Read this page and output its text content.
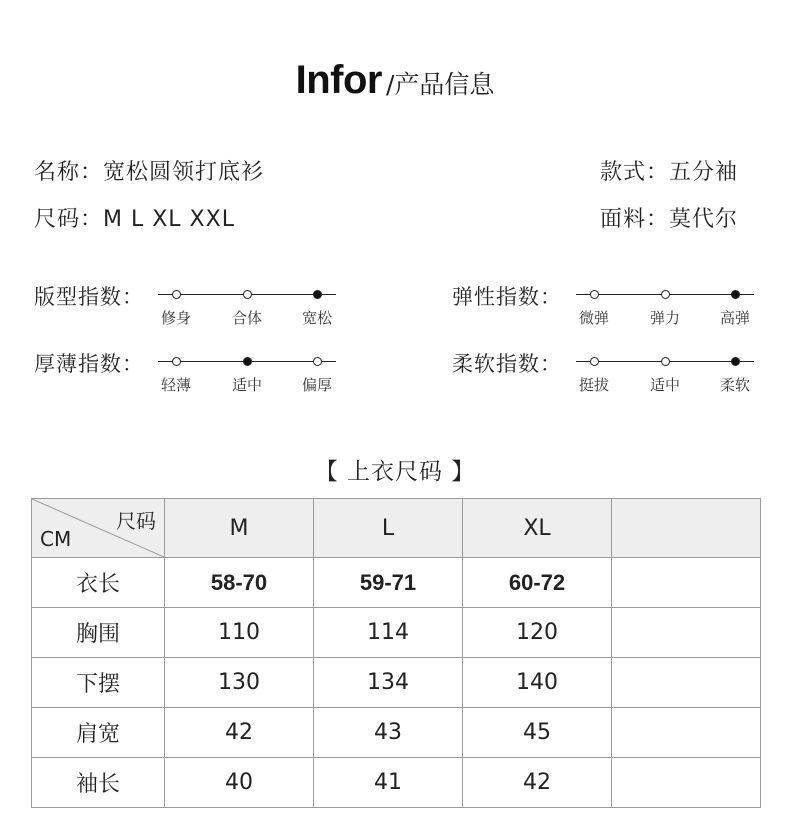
Infor /产品信息
名称：宽松圆领打底衫	款式：五分袖
尺码：M L XL XXL	面料：莫代尔
版型指数：
修身	合体	宽松
弹性指数：
微弹	弹力	高弹
厚薄指数：
轻薄	适中	偏厚
柔软指数：
挺拔	适中	柔软
【 上衣尺码 】
尺码
CM	M	L	XL	
衣长	58-70	59-71	60-72	
胸围	110	114	120	
下摆	130	134	140	
肩宽	42	43	45	
袖长	40	41	42	
